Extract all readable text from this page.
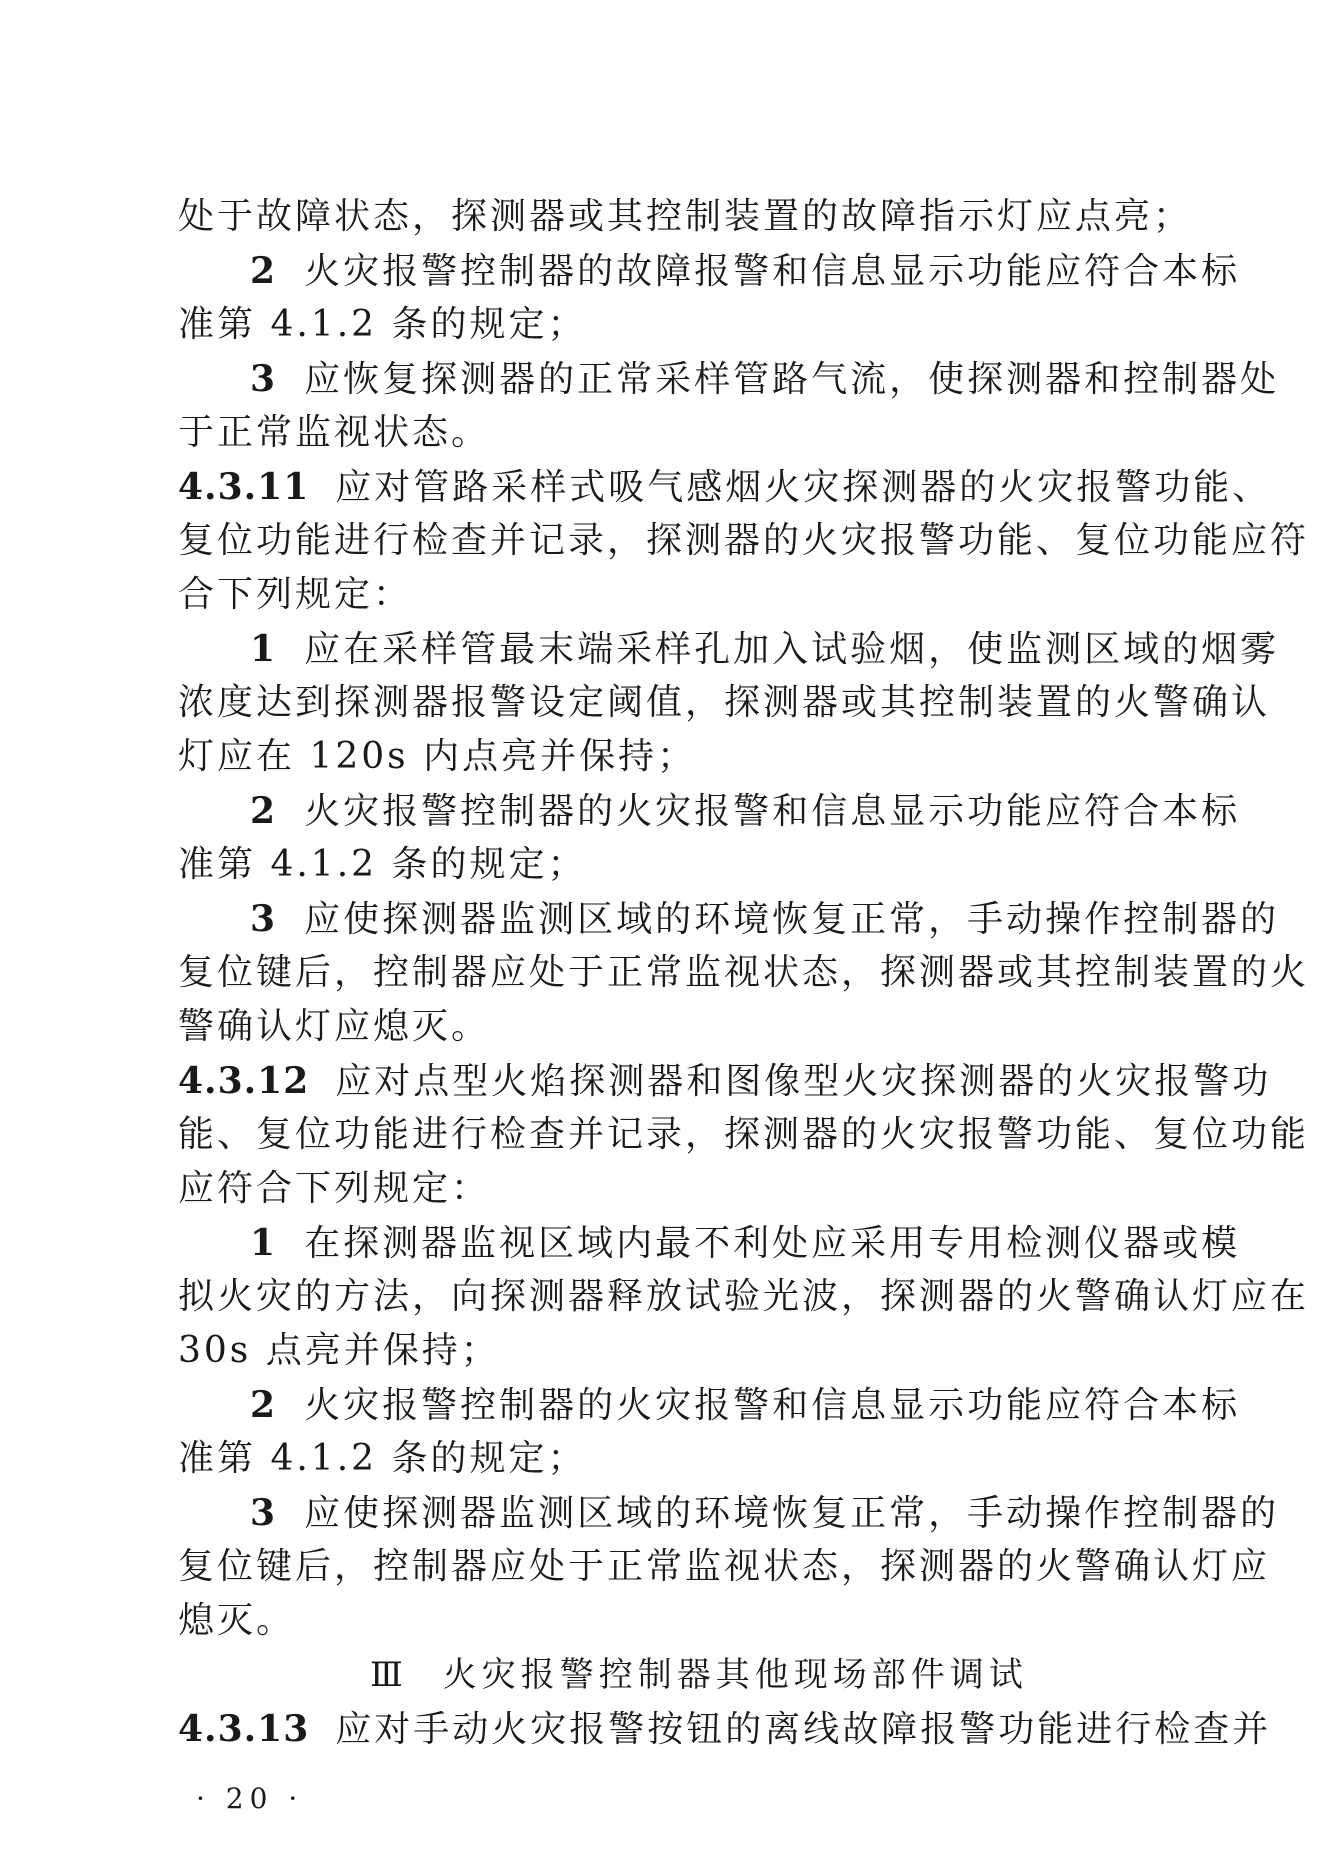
处于故障状态，探测器或其控制装置的故障指示灯应点亮；
2 火灾报警控制器的故障报警和信息显示功能应符合本标
准第 4.1.2 条的规定；
3 应恢复探测器的正常采样管路气流，使探测器和控制器处
于正常监视状态。
4.3.11 应对管路采样式吸气感烟火灾探测器的火灾报警功能、
复位功能进行检查并记录，探测器的火灾报警功能、复位功能应符
合下列规定：
1 应在采样管最末端采样孔加入试验烟，使监测区域的烟雾
浓度达到探测器报警设定阈值，探测器或其控制装置的火警确认
灯应在 120s 内点亮并保持；
2 火灾报警控制器的火灾报警和信息显示功能应符合本标
准第 4.1.2 条的规定；
3 应使探测器监测区域的环境恢复正常，手动操作控制器的
复位键后，控制器应处于正常监视状态，探测器或其控制装置的火
警确认灯应熄灭。
4.3.12 应对点型火焰探测器和图像型火灾探测器的火灾报警功
能、复位功能进行检查并记录，探测器的火灾报警功能、复位功能
应符合下列规定：
1 在探测器监视区域内最不利处应采用专用检测仪器或模
拟火灾的方法，向探测器释放试验光波，探测器的火警确认灯应在
30s 点亮并保持；
2 火灾报警控制器的火灾报警和信息显示功能应符合本标
准第 4.1.2 条的规定；
3 应使探测器监测区域的环境恢复正常，手动操作控制器的
复位键后，控制器应处于正常监视状态，探测器的火警确认灯应
熄灭。
Ⅲ 火灾报警控制器其他现场部件调试
4.3.13 应对手动火灾报警按钮的离线故障报警功能进行检查并
· 20 ·
